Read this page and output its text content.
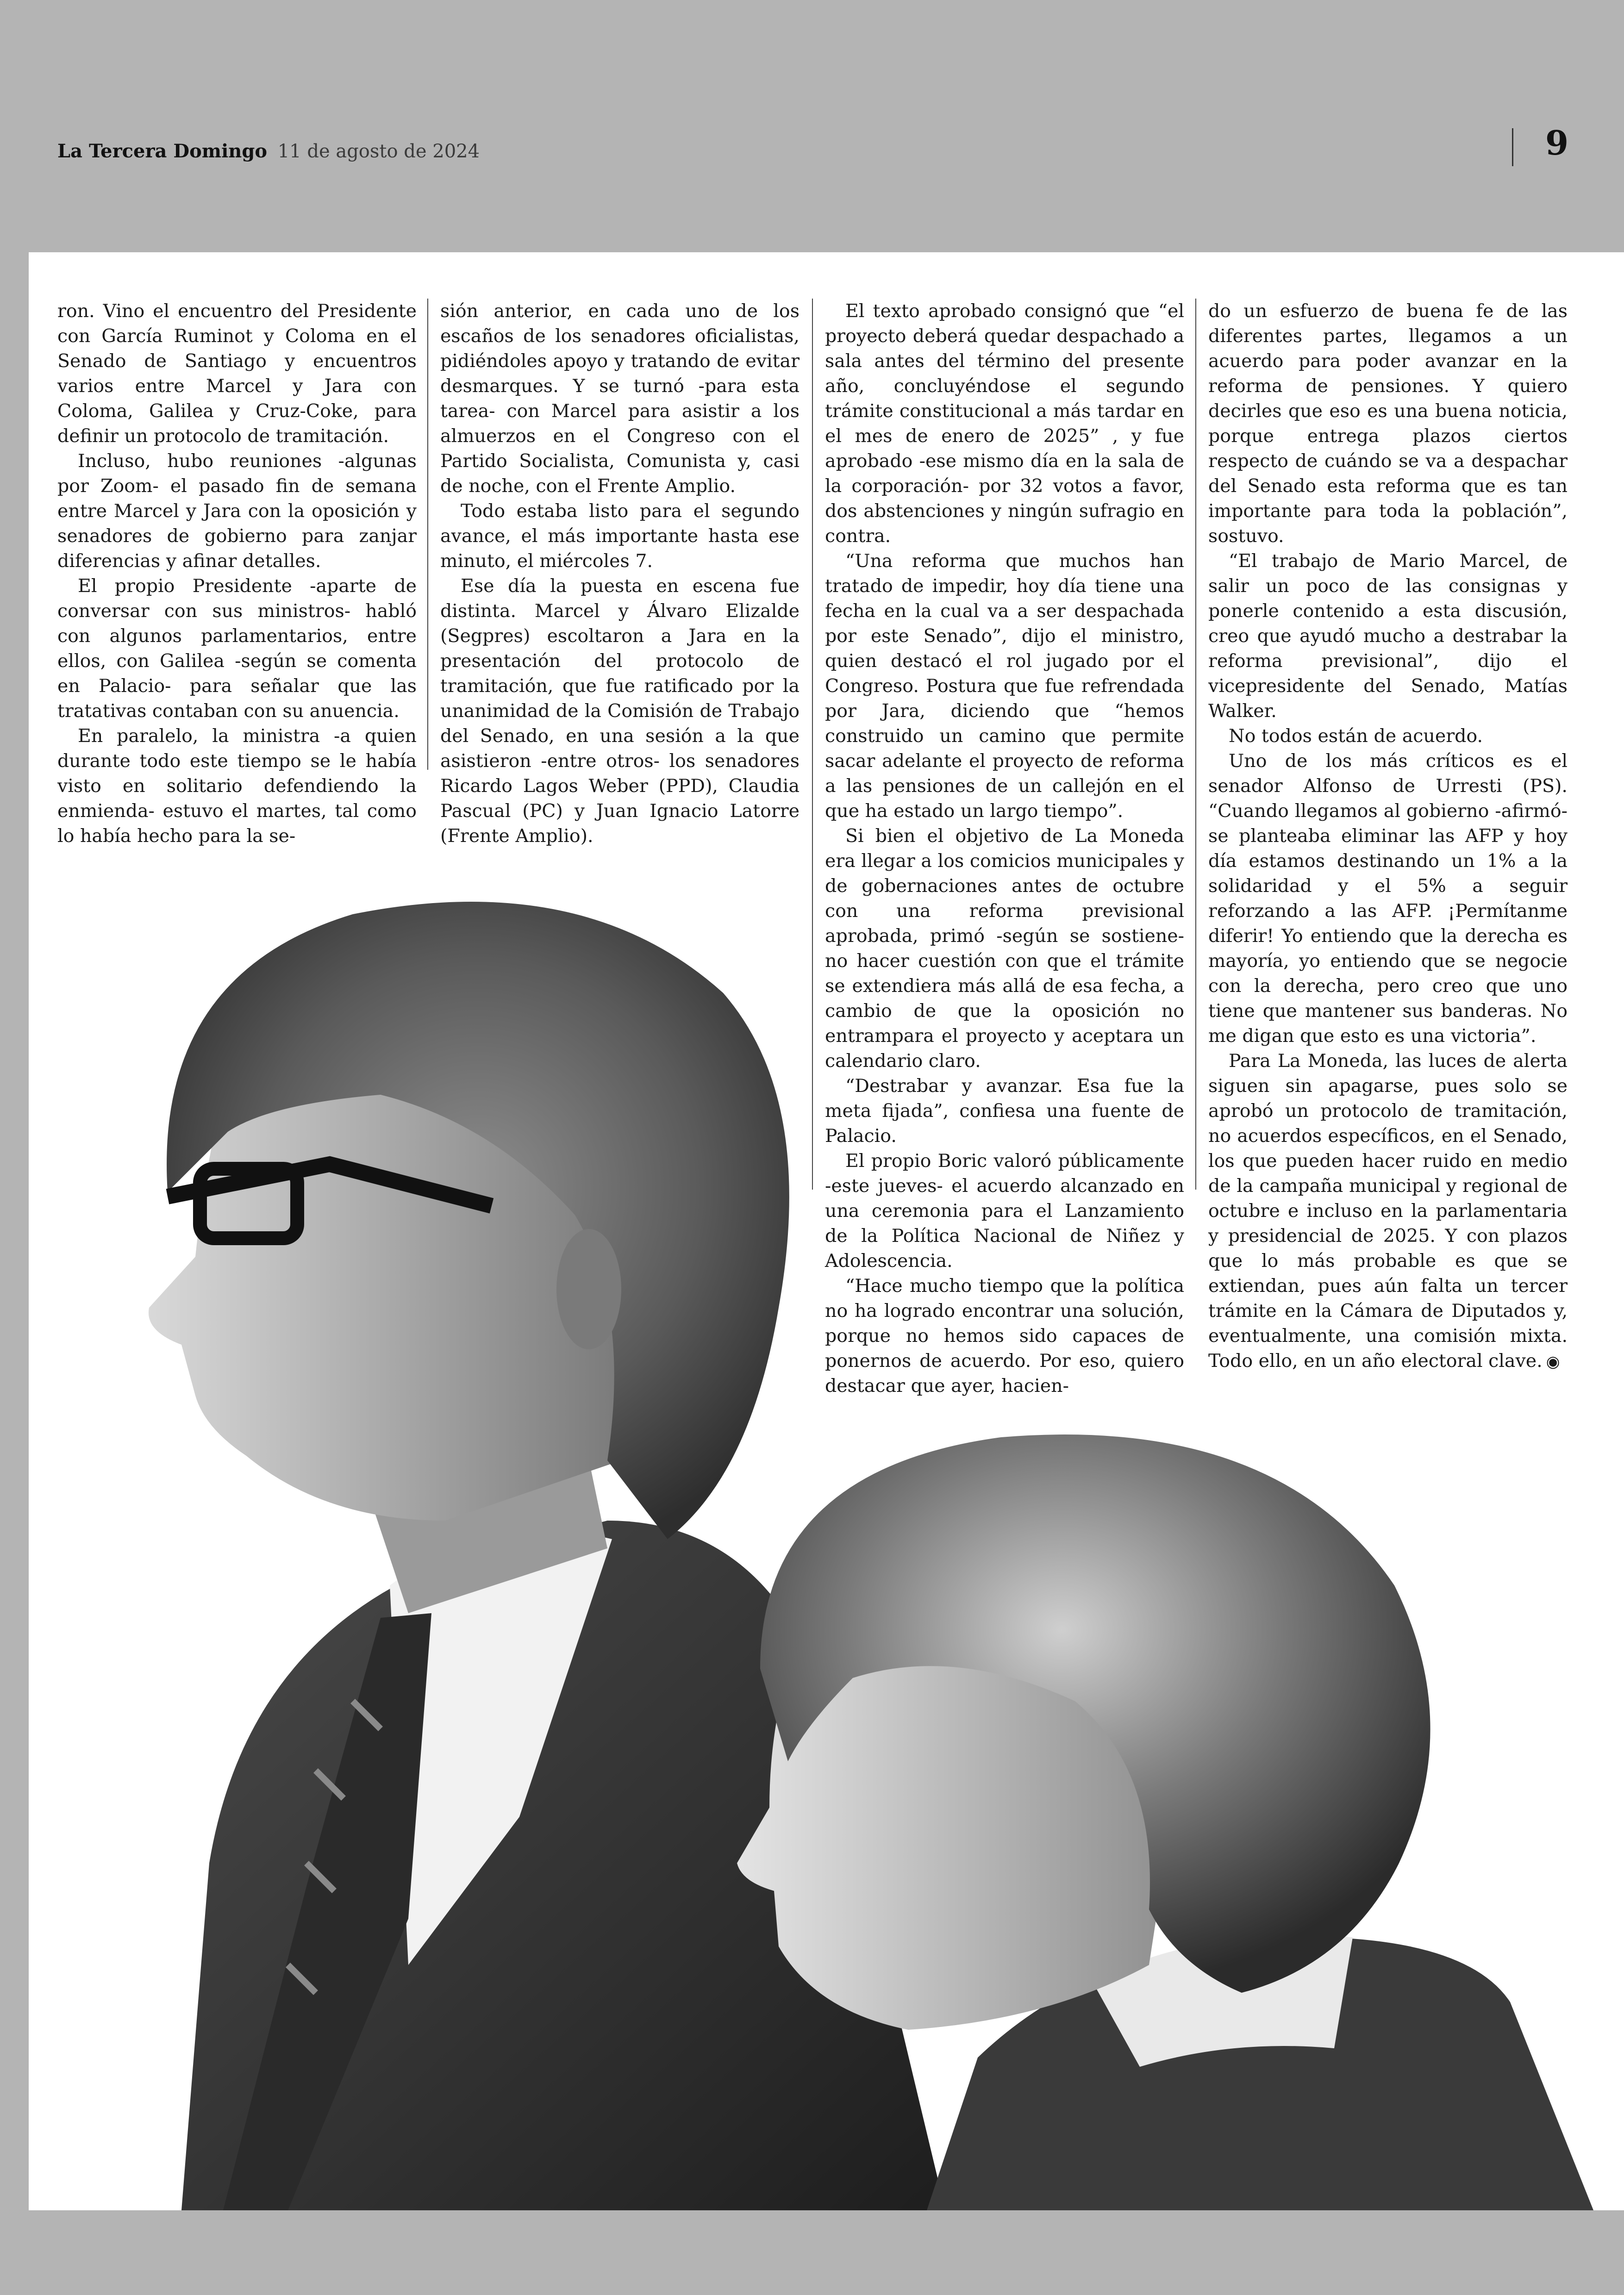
La Tercera Domingo 11 de agosto de 2024	9

ron. Vino el encuentro del Presidente con García Ruminot y Coloma en el Senado de Santiago y encuentros varios entre Marcel y Jara con Coloma, Galilea y Cruz-Coke, para definir un protocolo de tramitación.

Incluso, hubo reuniones -algunas por Zoom- el pasado fin de semana entre Marcel y Jara con la oposición y senadores de gobierno para zanjar diferencias y afinar detalles.

El propio Presidente -aparte de conversar con sus ministros- habló con algunos parlamentarios, entre ellos, con Galilea -según se comenta en Palacio- para señalar que las tratativas contaban con su anuencia.

En paralelo, la ministra -a quien durante todo este tiempo se le había visto en solitario defendiendo la enmienda- estuvo el martes, tal como lo había hecho para la se-

sión anterior, en cada uno de los escaños de los senadores oficialistas, pidiéndoles apoyo y tratando de evitar desmarques. Y se turnó -para esta tarea- con Marcel para asistir a los almuerzos en el Congreso con el Partido Socialista, Comunista y, casi de noche, con el Frente Amplio.

Todo estaba listo para el segundo avance, el más importante hasta ese minuto, el miércoles 7.

Ese día la puesta en escena fue distinta. Marcel y Álvaro Elizalde (Segpres) escoltaron a Jara en la presentación del protocolo de tramitación, que fue ratificado por la unanimidad de la Comisión de Trabajo del Senado, en una sesión a la que asistieron -entre otros- los senadores Ricardo Lagos Weber (PPD), Claudia Pascual (PC) y Juan Ignacio Latorre (Frente Amplio).

El texto aprobado consignó que “el proyecto deberá quedar despachado a sala antes del término del presente año, concluyéndose el segundo trámite constitucional a más tardar en el mes de enero de 2025” , y fue aprobado -ese mismo día en la sala de la corporación- por 32 votos a favor, dos abstenciones y ningún sufragio en contra.

“Una reforma que muchos han tratado de impedir, hoy día tiene una fecha en la cual va a ser despachada por este Senado”, dijo el ministro, quien destacó el rol jugado por el Congreso. Postura que fue refrendada por Jara, diciendo que “hemos construido un camino que permite sacar adelante el proyecto de reforma a las pensiones de un callejón en el que ha estado un largo tiempo”.

Si bien el objetivo de La Moneda era llegar a los comicios municipales y de gobernaciones antes de octubre con una reforma previsional aprobada, primó -según se sostiene- no hacer cuestión con que el trámite se extendiera más allá de esa fecha, a cambio de que la oposición no entrampara el proyecto y aceptara un calendario claro.

“Destrabar y avanzar. Esa fue la meta fijada”, confiesa una fuente de Palacio.

El propio Boric valoró públicamente -este jueves- el acuerdo alcanzado en una ceremonia para el Lanzamiento de la Política Nacional de Niñez y Adolescencia.

“Hace mucho tiempo que la política no ha logrado encontrar una solución, porque no hemos sido capaces de ponernos de acuerdo. Por eso, quiero destacar que ayer, hacien-

do un esfuerzo de buena fe de las diferentes partes, llegamos a un acuerdo para poder avanzar en la reforma de pensiones. Y quiero decirles que eso es una buena noticia, porque entrega plazos ciertos respecto de cuándo se va a despachar del Senado esta reforma que es tan importante para toda la población”, sostuvo.

“El trabajo de Mario Marcel, de salir un poco de las consignas y ponerle contenido a esta discusión, creo que ayudó mucho a destrabar la reforma previsional”, dijo el vicepresidente del Senado, Matías Walker.

No todos están de acuerdo.

Uno de los más críticos es el senador Alfonso de Urresti (PS). “Cuando llegamos al gobierno -afirmó- se planteaba eliminar las AFP y hoy día estamos destinando un 1% a la solidaridad y el 5% a seguir reforzando a las AFP. ¡Permítanme diferir! Yo entiendo que la derecha es mayoría, yo entiendo que se negocie con la derecha, pero creo que uno tiene que mantener sus banderas. No me digan que esto es una victoria”.

Para La Moneda, las luces de alerta siguen sin apagarse, pues solo se aprobó un protocolo de tramitación, no acuerdos específicos, en el Senado, los que pueden hacer ruido en medio de la campaña municipal y regional de octubre e incluso en la parlamentaria y presidencial de 2025. Y con plazos que lo más probable es que se extiendan, pues aún falta un tercer trámite en la Cámara de Diputados y, eventualmente, una comisión mixta. Todo ello, en un año electoral clave. ◉
